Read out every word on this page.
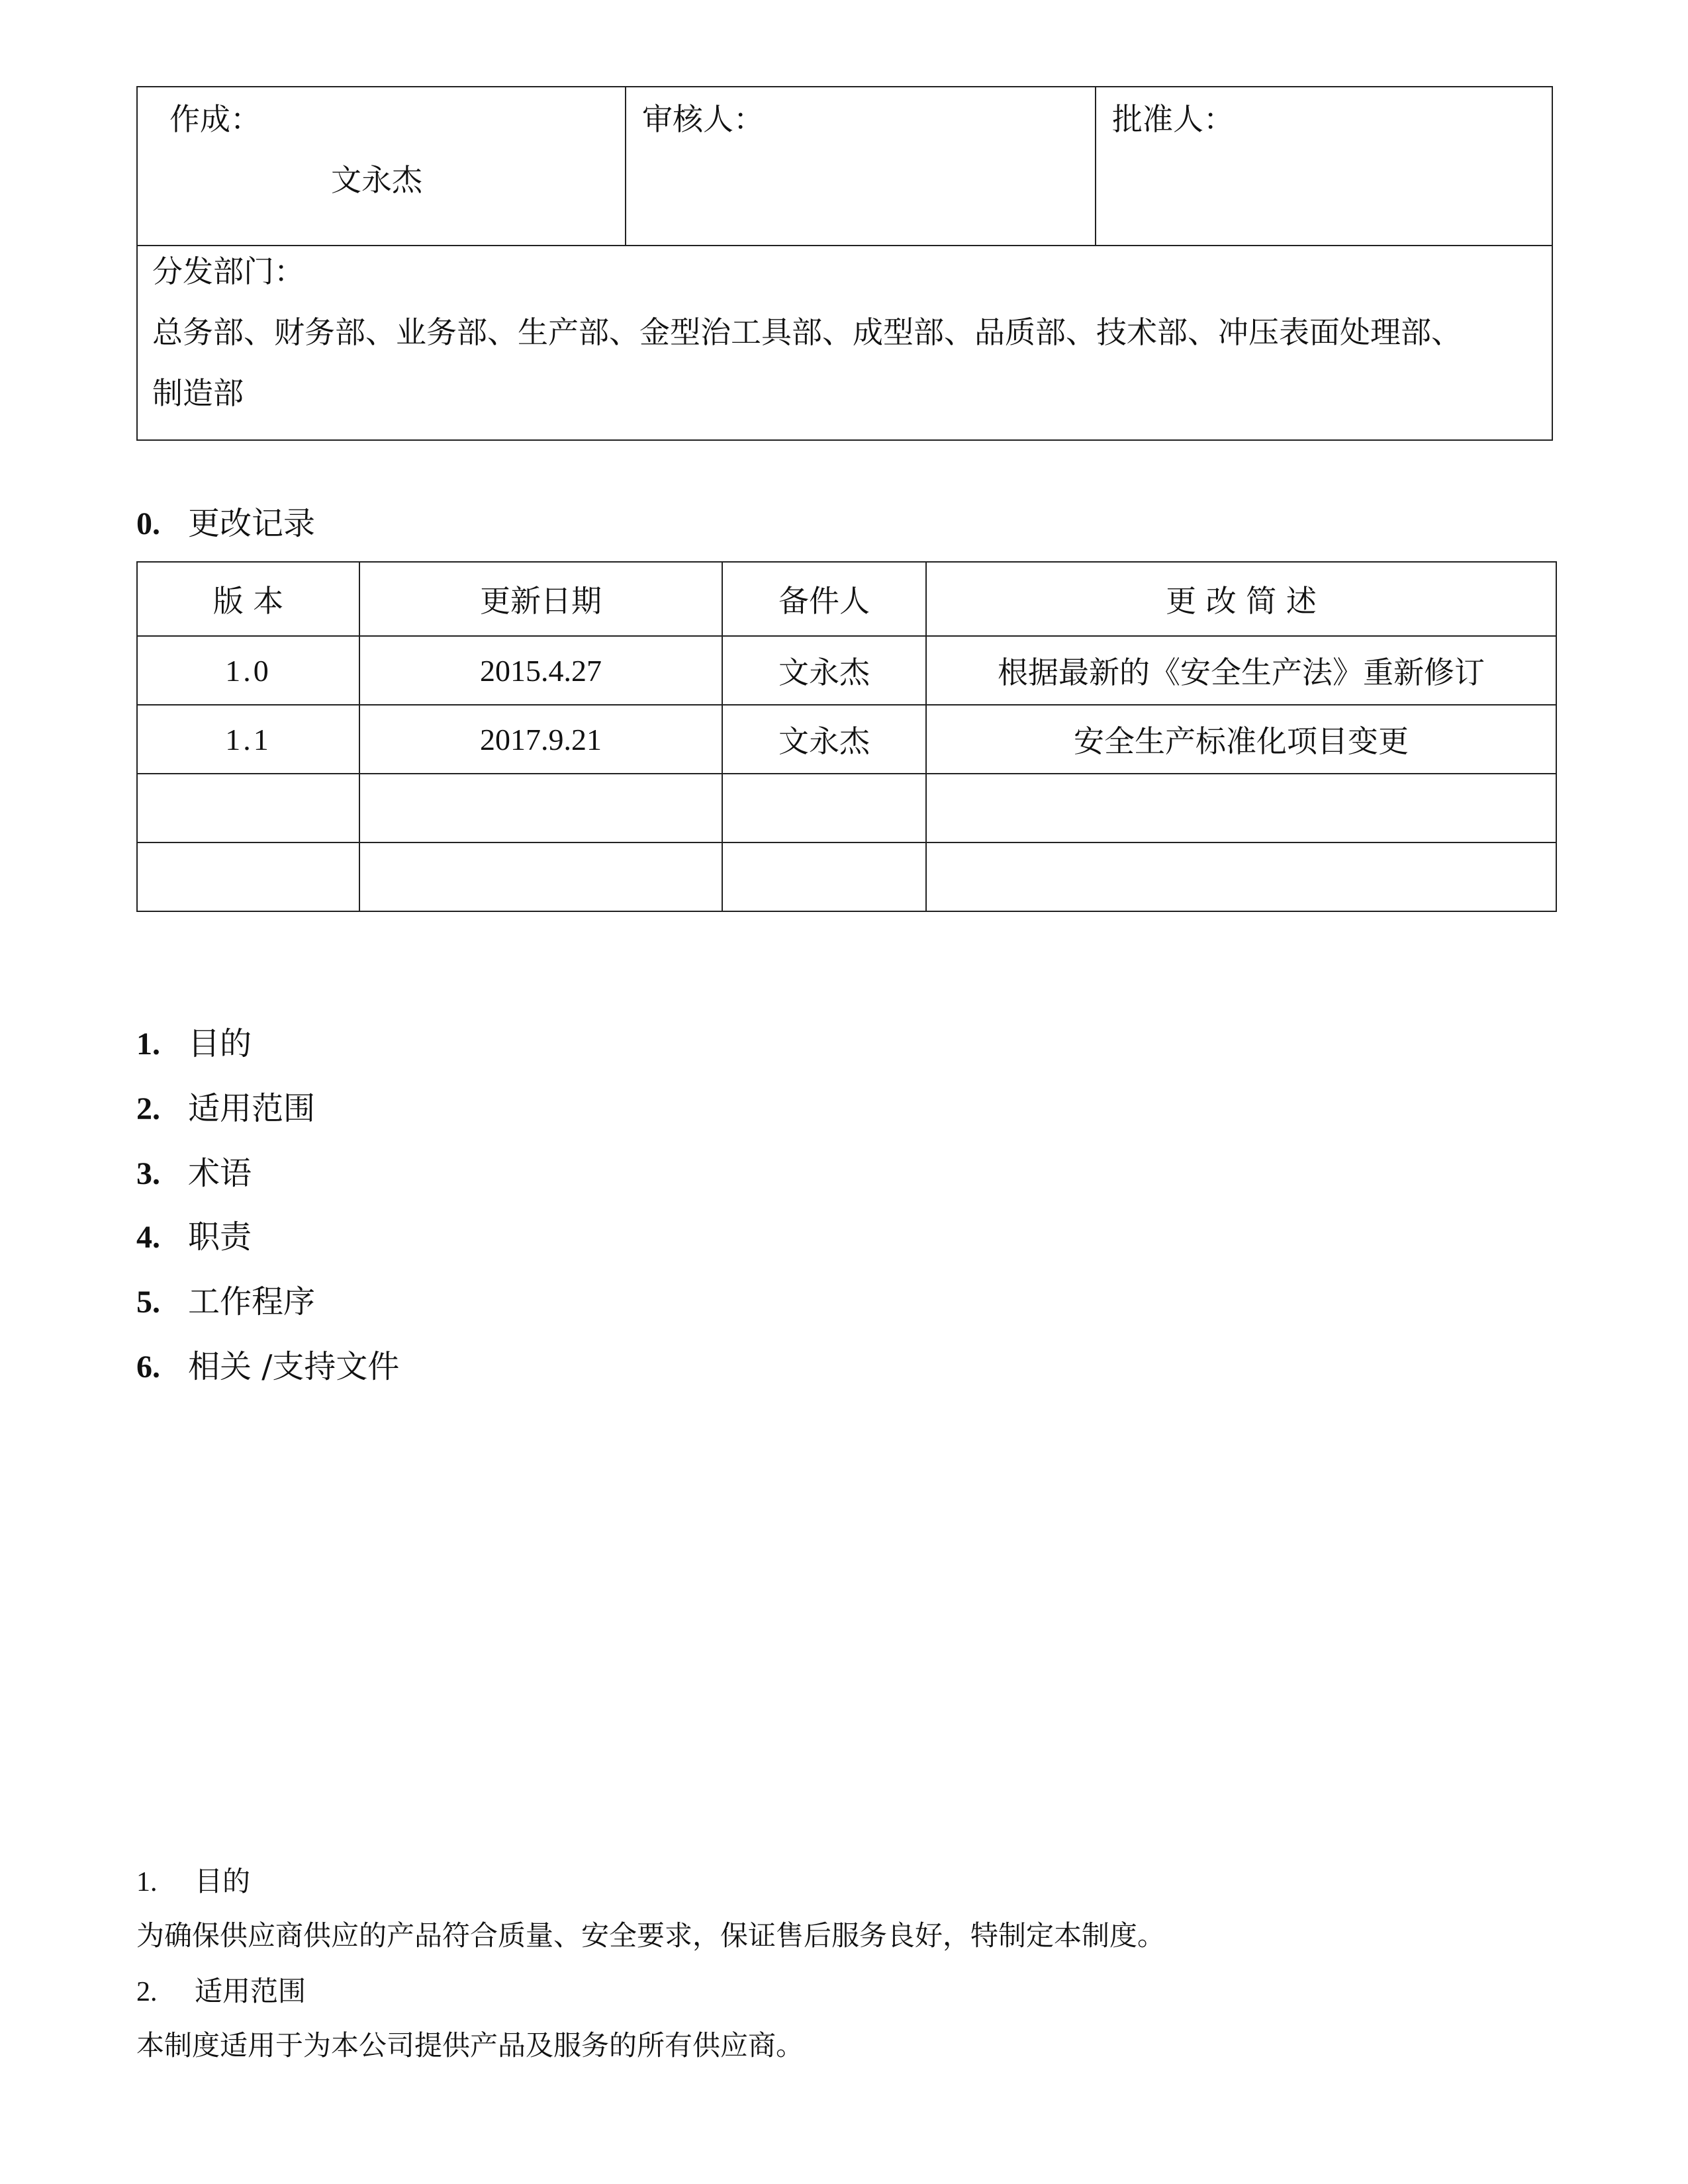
作成：
文永杰
审核人：	批准人：
分发部门：
总务部、财务部、业务部、生产部、金型治工具部、成型部、品质部、技术部、冲压表面处理部、
制造部
0. 更改记录
版 本	更新日期	备件人	更 改 简 述
1.0	2015.4.27	文永杰	根据最新的《安全生产法》重新修订
1.1	2017.9.21	文永杰	安全生产标准化项目变更

1. 目的
2. 适用范围
3. 术语
4. 职责
5. 工作程序
6. 相关 /支持文件
1. 目的
为确保供应商供应的产品符合质量、安全要求，保证售后服务良好，特制定本制度。
2. 适用范围
本制度适用于为本公司提供产品及服务的所有供应商。
